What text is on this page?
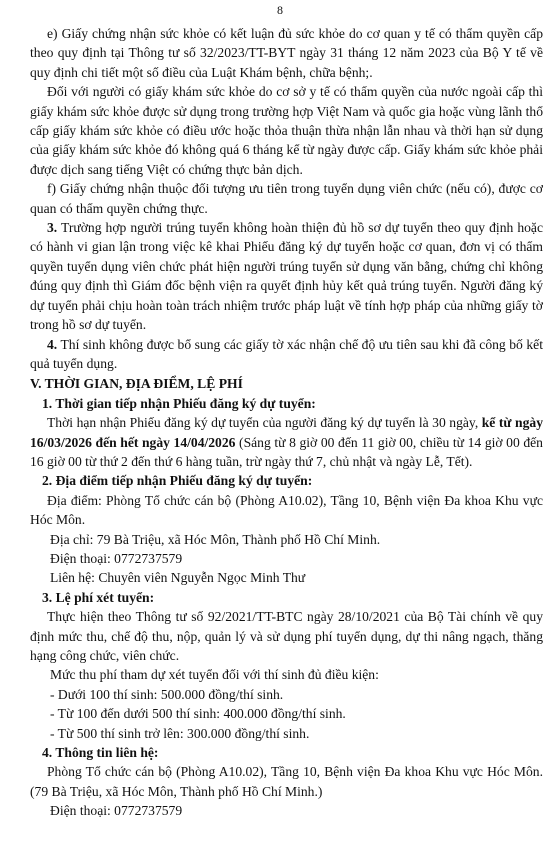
8

e) Giấy chứng nhận sức khỏe có kết luận đủ sức khỏe do cơ quan y tế có thẩm quyền cấp theo quy định tại Thông tư số 32/2023/TT-BYT ngày 31 tháng 12 năm 2023 của Bộ Y tế về quy định chi tiết một số điều của Luật Khám bệnh, chữa bệnh;.

Đối với người có giấy khám sức khỏe do cơ sở y tế có thẩm quyền của nước ngoài cấp thì giấy khám sức khỏe được sử dụng trong trường hợp Việt Nam và quốc gia hoặc vùng lãnh thổ cấp giấy khám sức khỏe có điều ước hoặc thỏa thuận thừa nhận lẫn nhau và thời hạn sử dụng của giấy khám sức khỏe đó không quá 6 tháng kể từ ngày được cấp. Giấy khám sức khỏe phải được dịch sang tiếng Việt có chứng thực bản dịch.

f) Giấy chứng nhận thuộc đối tượng ưu tiên trong tuyển dụng viên chức (nếu có), được cơ quan có thẩm quyền chứng thực.

3. Trường hợp người trúng tuyển không hoàn thiện đủ hồ sơ dự tuyển theo quy định hoặc có hành vi gian lận trong việc kê khai Phiếu đăng ký dự tuyển hoặc cơ quan, đơn vị có thẩm quyền tuyển dụng viên chức phát hiện người trúng tuyển sử dụng văn bằng, chứng chỉ không đúng quy định thì Giám đốc bệnh viện ra quyết định hủy kết quả trúng tuyển. Người đăng ký dự tuyển phải chịu hoàn toàn trách nhiệm trước pháp luật về tính hợp pháp của những giấy tờ trong hồ sơ dự tuyển.

4. Thí sinh không được bổ sung các giấy tờ xác nhận chế độ ưu tiên sau khi đã công bố kết quả tuyển dụng.

V. THỜI GIAN, ĐỊA ĐIỂM, LỆ PHÍ

1. Thời gian tiếp nhận Phiếu đăng ký dự tuyển:

Thời hạn nhận Phiếu đăng ký dự tuyển của người đăng ký dự tuyển là 30 ngày, kể từ ngày 16/03/2026 đến hết ngày 14/04/2026 (Sáng từ 8 giờ 00 đến 11 giờ 00, chiều từ 14 giờ 00 đến 16 giờ 00 từ thứ 2 đến thứ 6 hàng tuần, trừ ngày thứ 7, chủ nhật và ngày Lễ, Tết).

2. Địa điểm tiếp nhận Phiếu đăng ký dự tuyển:

Địa điểm: Phòng Tổ chức cán bộ (Phòng A10.02), Tầng 10, Bệnh viện Đa khoa Khu vực Hóc Môn.

Địa chỉ: 79 Bà Triệu, xã Hóc Môn, Thành phố Hồ Chí Minh.

Điện thoại: 0772737579

Liên hệ: Chuyên viên Nguyễn Ngọc Minh Thư

3. Lệ phí xét tuyển:

Thực hiện theo Thông tư số 92/2021/TT-BTC ngày 28/10/2021 của Bộ Tài chính về quy định mức thu, chế độ thu, nộp, quản lý và sử dụng phí tuyển dụng, dự thi nâng ngạch, thăng hạng công chức, viên chức.

Mức thu phí tham dự xét tuyển đối với thí sinh đủ điều kiện:

- Dưới 100 thí sinh: 500.000 đồng/thí sinh.

- Từ 100 đến dưới 500 thí sinh: 400.000 đồng/thí sinh.

- Từ 500 thí sinh trở lên: 300.000 đồng/thí sinh.

4. Thông tin liên hệ:

Phòng Tổ chức cán bộ (Phòng A10.02), Tầng 10, Bệnh viện Đa khoa Khu vực Hóc Môn. (79 Bà Triệu, xã Hóc Môn, Thành phố Hồ Chí Minh.)

Điện thoại: 0772737579
